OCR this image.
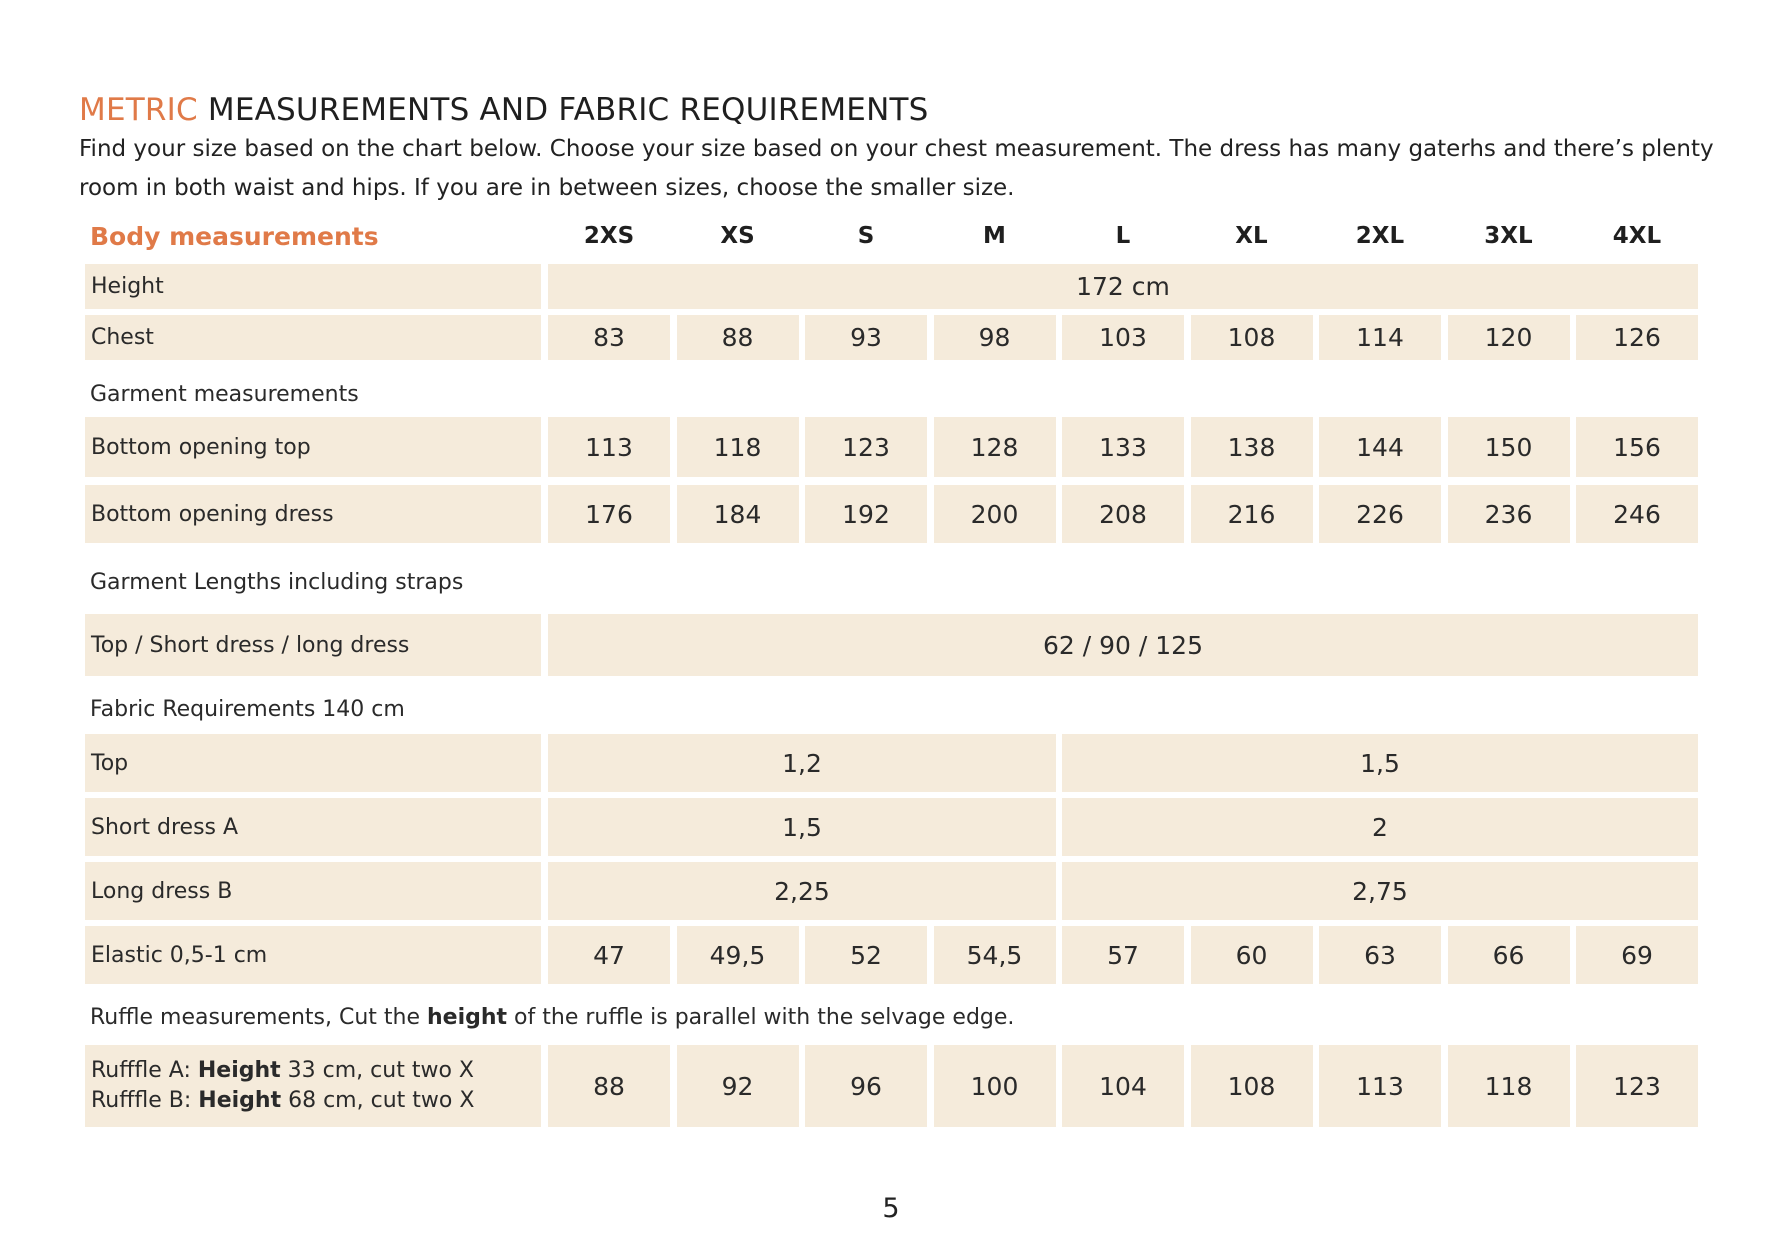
METRIC MEASUREMENTS AND FABRIC REQUIREMENTS

Find your size based on the chart below. Choose your size based on your chest measurement. The dress has many gaterhs and there’s plenty room in both waist and hips. If you are in between sizes, choose the smaller size.

Garment measurements
Garment Lengths including straps
Fabric Requirements 140 cm
Ruffle measurements, Cut the height of the ruffle is parallel with the selvage edge.
Body measurements	2XS	XS	S	M	L	XL	2XL	3XL	4XL
Height	172 cm
Chest	83	88	93	98	103	108	114	120	126
Bottom opening top	113	118	123	128	133	138	144	150	156
Bottom opening dress	176	184	192	200	208	216	226	236	246
Top / Short dress / long dress	62 / 90 / 125
Top	1,2	1,5
Short dress A	1,5	2
Long dress B	2,25	2,75
Elastic 0,5-1 cm	47	49,5	52	54,5	57	60	63	66	69
Rufffle A: Height 33 cm, cut two X
Rufffle B: Height 68 cm, cut two X	88	92	96	100	104	108	113	118	123
5
